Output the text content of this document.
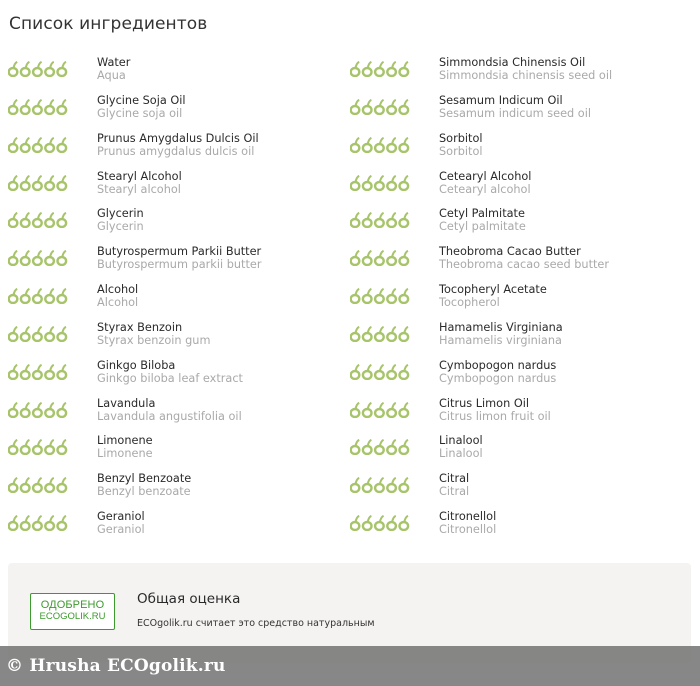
Список ингредиентов
Water
Aqua
Glycine Soja Oil
Glycine soja oil
Prunus Amygdalus Dulcis Oil
Prunus amygdalus dulcis oil
Stearyl Alcohol
Stearyl alcohol
Glycerin
Glycerin
Butyrospermum Parkii Butter
Butyrospermum parkii butter
Alcohol
Alcohol
Styrax Benzoin
Styrax benzoin gum
Ginkgo Biloba
Ginkgo biloba leaf extract
Lavandula
Lavandula angustifolia oil
Limonene
Limonene
Benzyl Benzoate
Benzyl benzoate
Geraniol
Geraniol
Simmondsia Chinensis Oil
Simmondsia chinensis seed oil
Sesamum Indicum Oil
Sesamum indicum seed oil
Sorbitol
Sorbitol
Cetearyl Alcohol
Cetearyl alcohol
Cetyl Palmitate
Cetyl palmitate
Theobroma Cacao Butter
Theobroma cacao seed butter
Tocopheryl Acetate
Tocopherol
Hamamelis Virginiana
Hamamelis virginiana
Cymbopogon nardus
Cymbopogon nardus
Citrus Limon Oil
Citrus limon fruit oil
Linalool
Linalool
Citral
Citral
Citronellol
Citronellol
ОДОБРЕНО
ECOGOLIK.RU
Общая оценка
ECOgolik.ru считает это средство натуральным
© Hrusha ECOgolik.ru
